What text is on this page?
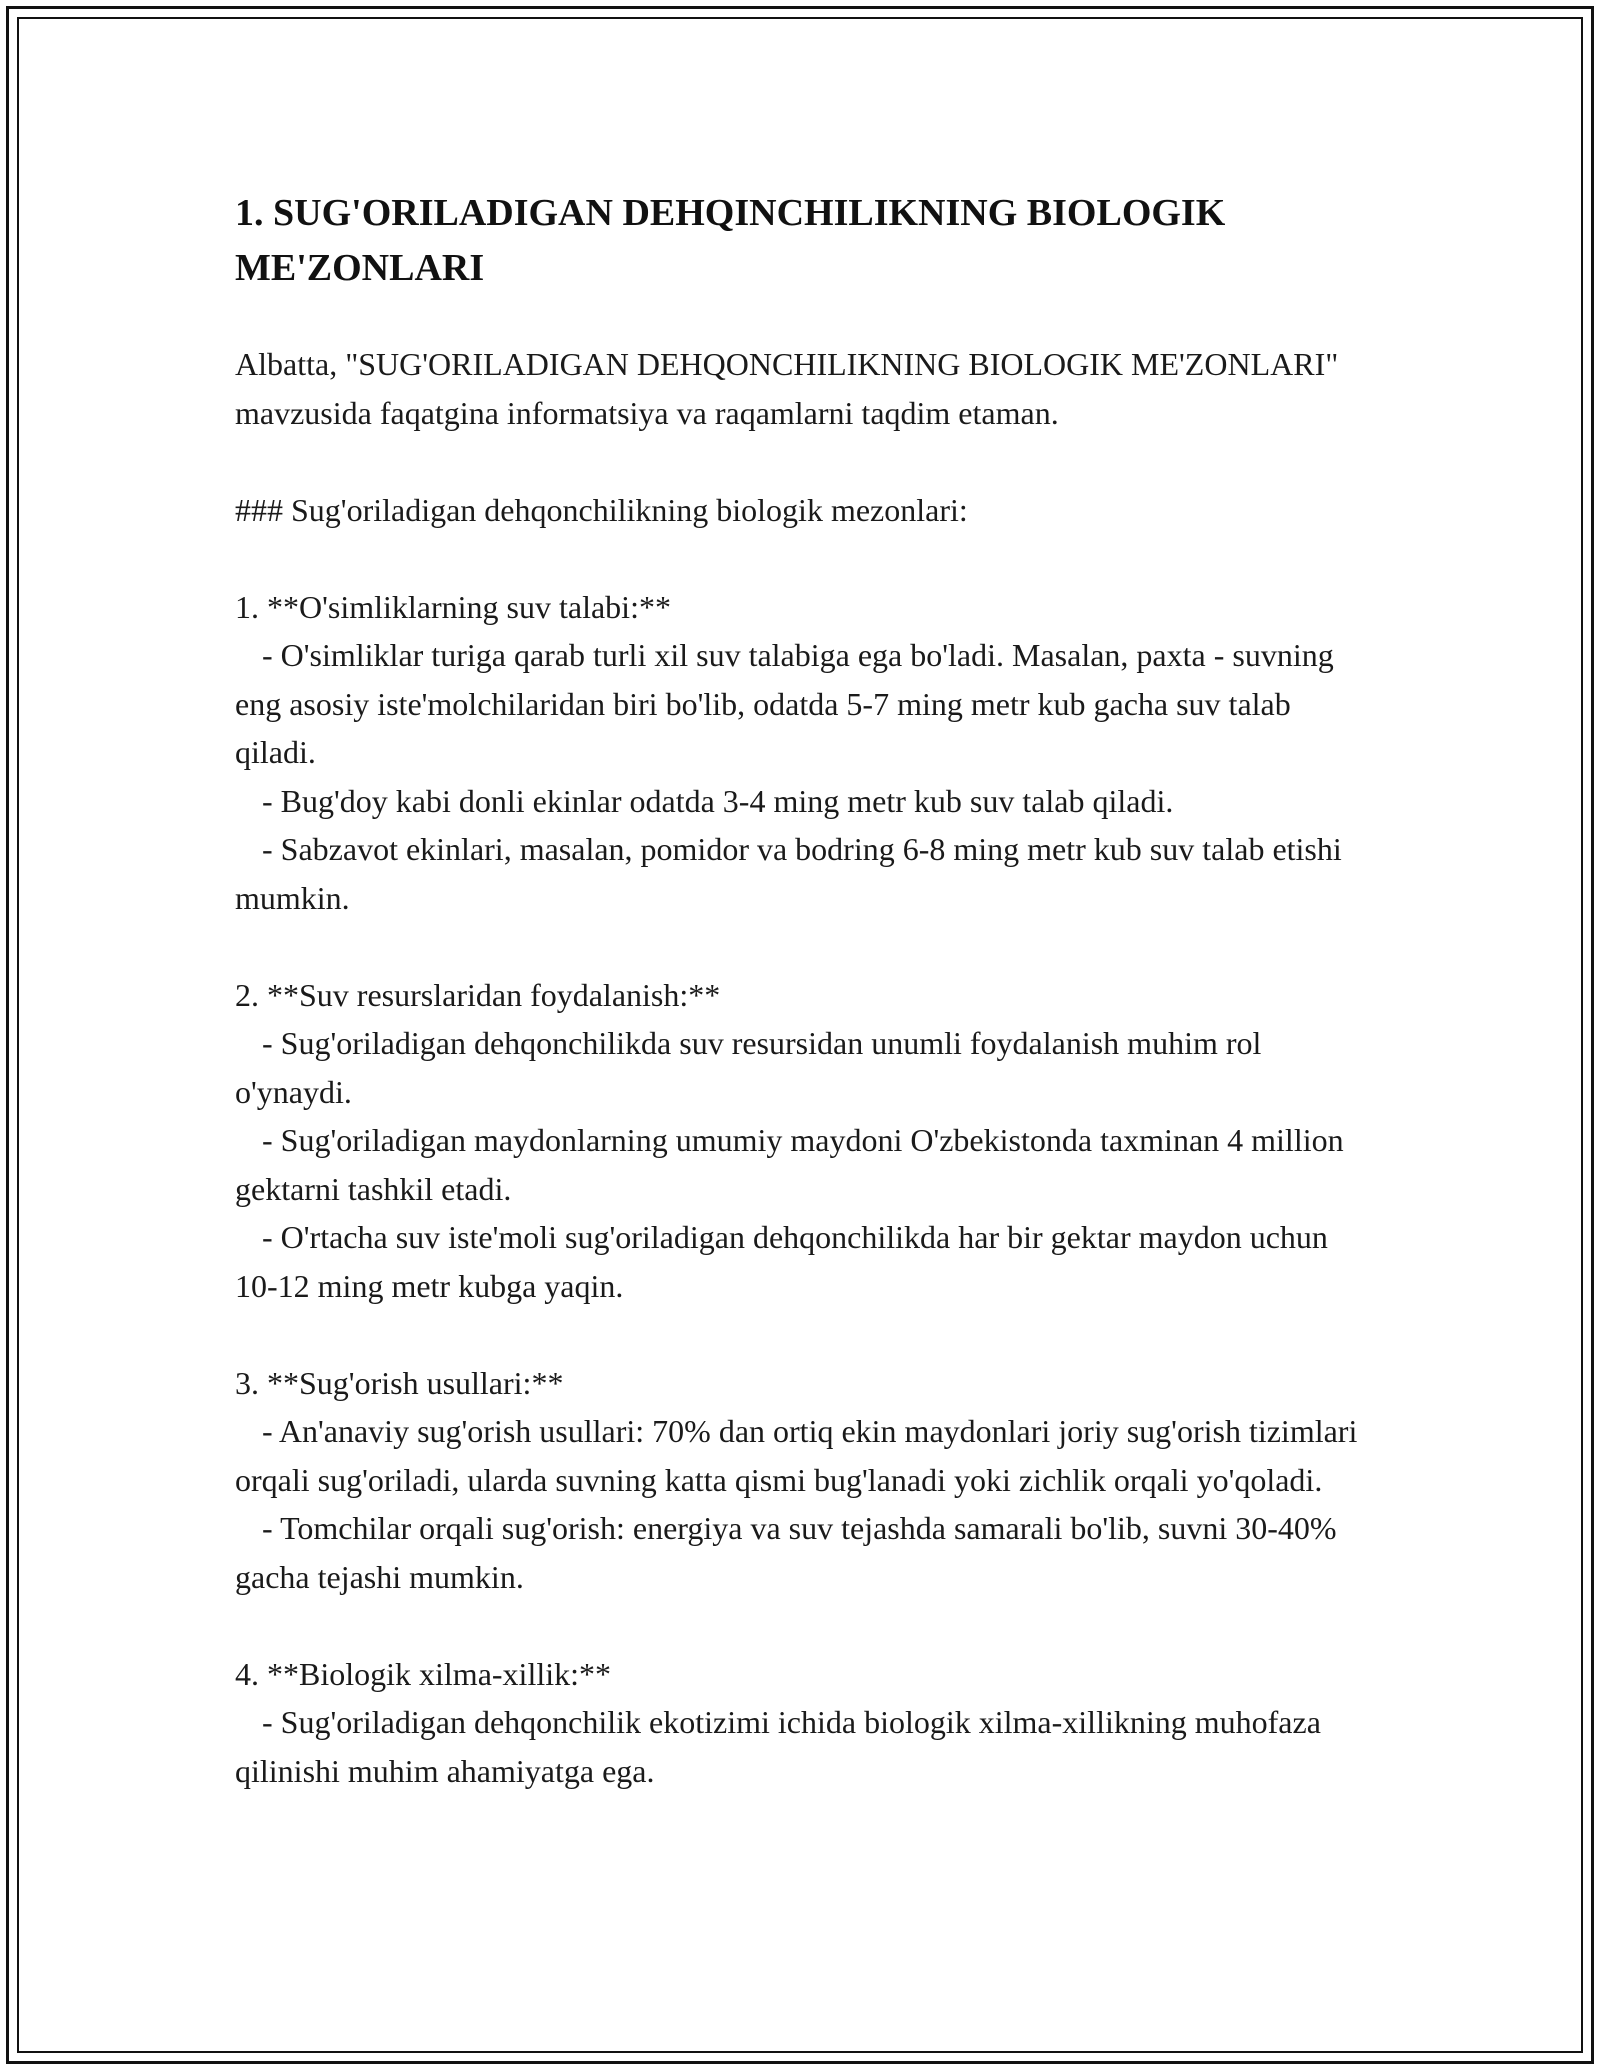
1. SUG'ORILADIGAN DEHQINCHILIKNING BIOLOGIK ME'ZONLARI

Albatta, "SUG'ORILADIGAN DEHQONCHILIKNING BIOLOGIK ME'ZONLARI" mavzusida faqatgina informatsiya va raqamlarni taqdim etaman.

### Sug'oriladigan dehqonchilikning biologik mezonlari:

1. **O'simliklarning suv talabi:**

- O'simliklar turiga qarab turli xil suv talabiga ega bo'ladi. Masalan, paxta - suvning eng asosiy iste'molchilaridan biri bo'lib, odatda 5-7 ming metr kub gacha suv talab qiladi.

- Bug'doy kabi donli ekinlar odatda 3-4 ming metr kub suv talab qiladi.

- Sabzavot ekinlari, masalan, pomidor va bodring 6-8 ming metr kub suv talab etishi mumkin.

2. **Suv resurslaridan foydalanish:**

- Sug'oriladigan dehqonchilikda suv resursidan unumli foydalanish muhim rol o'ynaydi.

- Sug'oriladigan maydonlarning umumiy maydoni O'zbekistonda taxminan 4 million gektarni tashkil etadi.

- O'rtacha suv iste'moli sug'oriladigan dehqonchilikda har bir gektar maydon uchun 10-12 ming metr kubga yaqin.

3. **Sug'orish usullari:**

- An'anaviy sug'orish usullari: 70% dan ortiq ekin maydonlari joriy sug'orish tizimlari orqali sug'oriladi, ularda suvning katta qismi bug'lanadi yoki zichlik orqali yo'qoladi.

- Tomchilar orqali sug'orish: energiya va suv tejashda samarali bo'lib, suvni 30-40% gacha tejashi mumkin.

4. **Biologik xilma-xillik:**

- Sug'oriladigan dehqonchilik ekotizimi ichida biologik xilma-xillikning muhofaza qilinishi muhim ahamiyatga ega.
